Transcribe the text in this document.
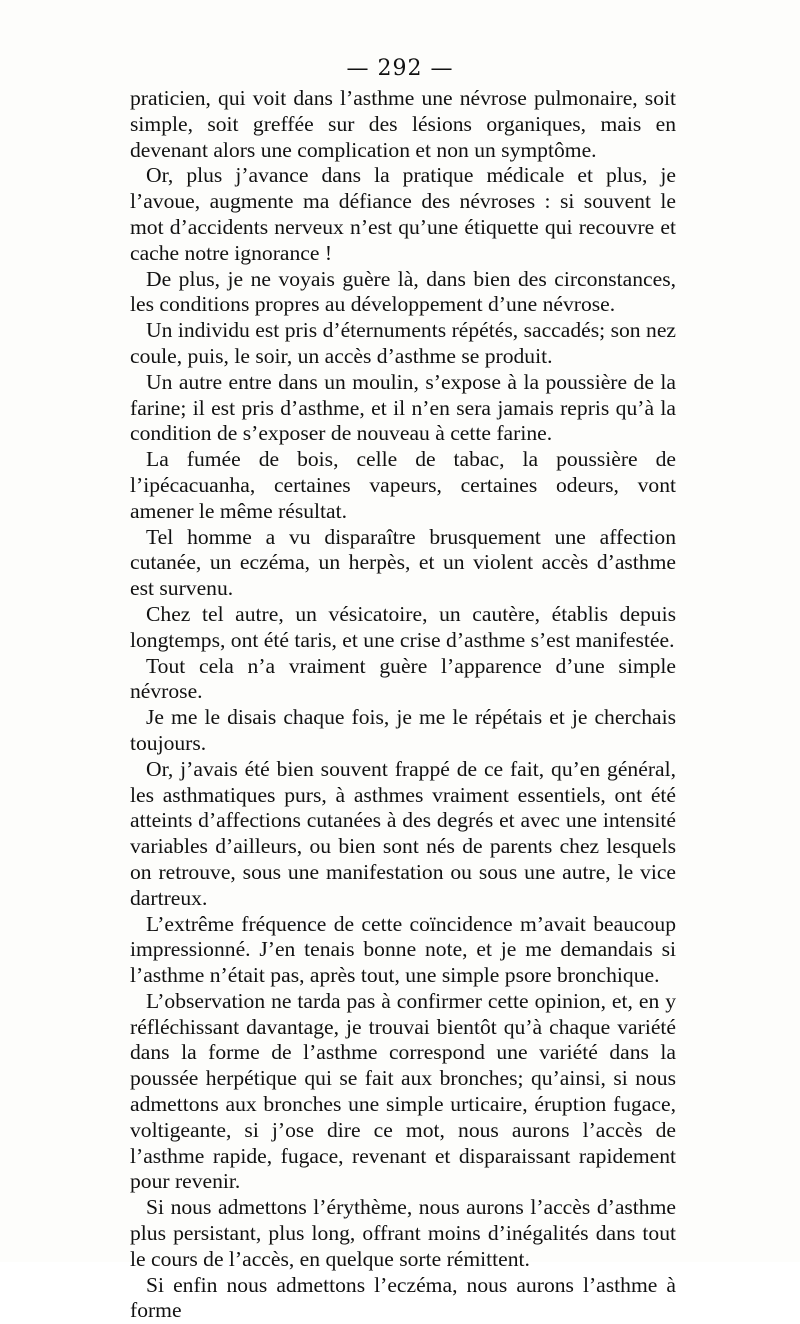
— 292 —

praticien, qui voit dans l’asthme une névrose pulmonaire, soit simple, soit greffée sur des lésions organiques, mais en devenant alors une complication et non un symptôme.

Or, plus j’avance dans la pratique médicale et plus, je l’avoue, augmente ma défiance des névroses : si souvent le mot d’accidents nerveux n’est qu’une étiquette qui recouvre et cache notre ignorance !

De plus, je ne voyais guère là, dans bien des circonstances, les conditions propres au développement d’une névrose.

Un individu est pris d’éternuments répétés, saccadés; son nez coule, puis, le soir, un accès d’asthme se produit.

Un autre entre dans un moulin, s’expose à la poussière de la farine; il est pris d’asthme, et il n’en sera jamais repris qu’à la condition de s’exposer de nouveau à cette farine.

La fumée de bois, celle de tabac, la poussière de l’ipécacuanha, certaines vapeurs, certaines odeurs, vont amener le même résultat.

Tel homme a vu disparaître brusquement une affection cutanée, un eczéma, un herpès, et un violent accès d’asthme est survenu.

Chez tel autre, un vésicatoire, un cautère, établis depuis longtemps, ont été taris, et une crise d’asthme s’est manifestée.

Tout cela n’a vraiment guère l’apparence d’une simple névrose.

Je me le disais chaque fois, je me le répétais et je cherchais toujours.

Or, j’avais été bien souvent frappé de ce fait, qu’en général, les asthmatiques purs, à asthmes vraiment essentiels, ont été atteints d’affections cutanées à des degrés et avec une intensité variables d’ailleurs, ou bien sont nés de parents chez lesquels on retrouve, sous une manifestation ou sous une autre, le vice dartreux.

L’extrême fréquence de cette coïncidence m’avait beaucoup impressionné. J’en tenais bonne note, et je me demandais si l’asthme n’était pas, après tout, une simple psore bronchique.

L’observation ne tarda pas à confirmer cette opinion, et, en y réfléchissant davantage, je trouvai bientôt qu’à chaque variété dans la forme de l’asthme correspond une variété dans la poussée herpétique qui se fait aux bronches; qu’ainsi, si nous admettons aux bronches une simple urticaire, éruption fugace, voltigeante, si j’ose dire ce mot, nous aurons l’accès de l’asthme rapide, fugace, revenant et disparaissant rapidement pour revenir.

Si nous admettons l’érythème, nous aurons l’accès d’asthme plus persistant, plus long, offrant moins d’inégalités dans tout le cours de l’accès, en quelque sorte rémittent.

Si enfin nous admettons l’eczéma, nous aurons l’asthme à forme
